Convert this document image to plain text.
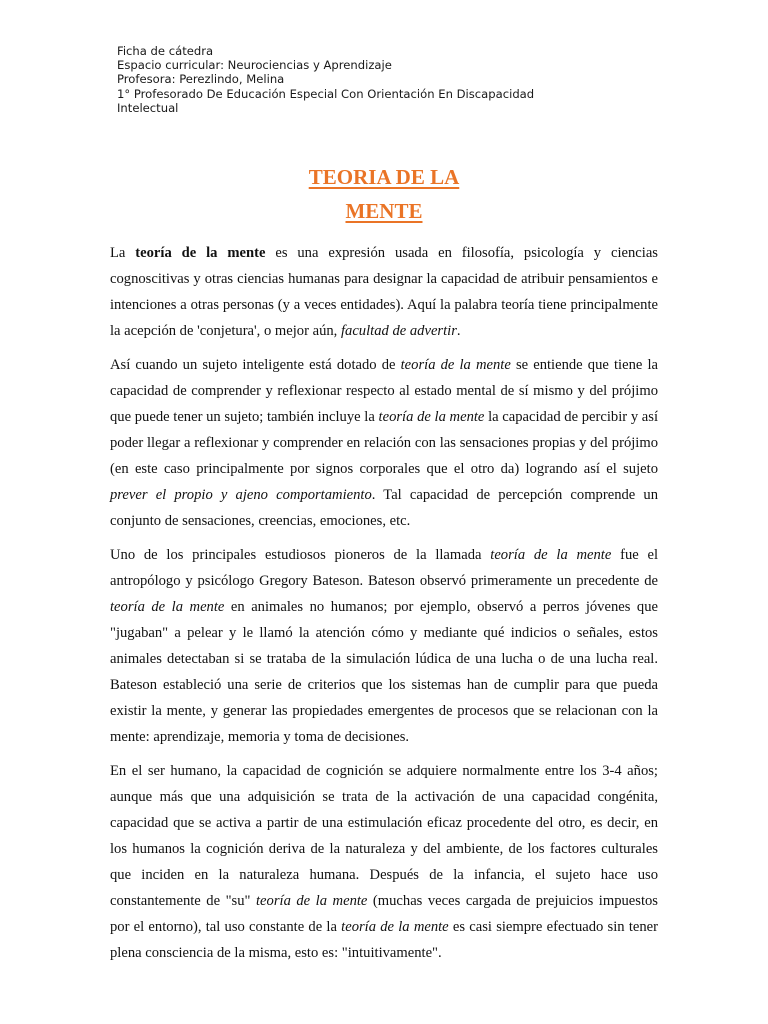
Ficha de cátedra
Espacio curricular: Neurociencias y Aprendizaje
Profesora: Perezlindo, Melina
1° Profesorado De Educación Especial Con Orientación En Discapacidad
Intelectual
TEORIA DE LA
MENTE

La teoría de la mente es una expresión usada en filosofía, psicología y ciencias cognoscitivas y otras ciencias humanas para designar la capacidad de atribuir pensamientos e intenciones a otras personas (y a veces entidades). Aquí la palabra teoría tiene principalmente la acepción de 'conjetura', o mejor aún, facultad de advertir.

Así cuando un sujeto inteligente está dotado de teoría de la mente se entiende que tiene la capacidad de comprender y reflexionar respecto al estado mental de sí mismo y del prójimo que puede tener un sujeto; también incluye la teoría de la mente la capacidad de percibir y así poder llegar a reflexionar y comprender en relación con las sensaciones propias y del prójimo (en este caso principalmente por signos corporales que el otro da) logrando así el sujeto prever el propio y ajeno comportamiento. Tal capacidad de percepción comprende un conjunto de sensaciones, creencias, emociones, etc.

Uno de los principales estudiosos pioneros de la llamada teoría de la mente fue el antropólogo y psicólogo Gregory Bateson. Bateson observó primeramente un precedente de teoría de la mente en animales no humanos; por ejemplo, observó a perros jóvenes que "jugaban" a pelear y le llamó la atención cómo y mediante qué indicios o señales, estos animales detectaban si se trataba de la simulación lúdica de una lucha o de una lucha real. Bateson estableció una serie de criterios que los sistemas han de cumplir para que pueda existir la mente, y generar las propiedades emergentes de procesos que se relacionan con la mente: aprendizaje, memoria y toma de decisiones.

En el ser humano, la capacidad de cognición se adquiere normalmente entre los 3-4 años; aunque más que una adquisición se trata de la activación de una capacidad congénita, capacidad que se activa a partir de una estimulación eficaz procedente del otro, es decir, en los humanos la cognición deriva de la naturaleza y del ambiente, de los factores culturales que inciden en la naturaleza humana. Después de la infancia, el sujeto hace uso constantemente de "su" teoría de la mente (muchas veces cargada de prejuicios impuestos por el entorno), tal uso constante de la teoría de la mente es casi siempre efectuado sin tener plena consciencia de la misma, esto es: "intuitivamente".
